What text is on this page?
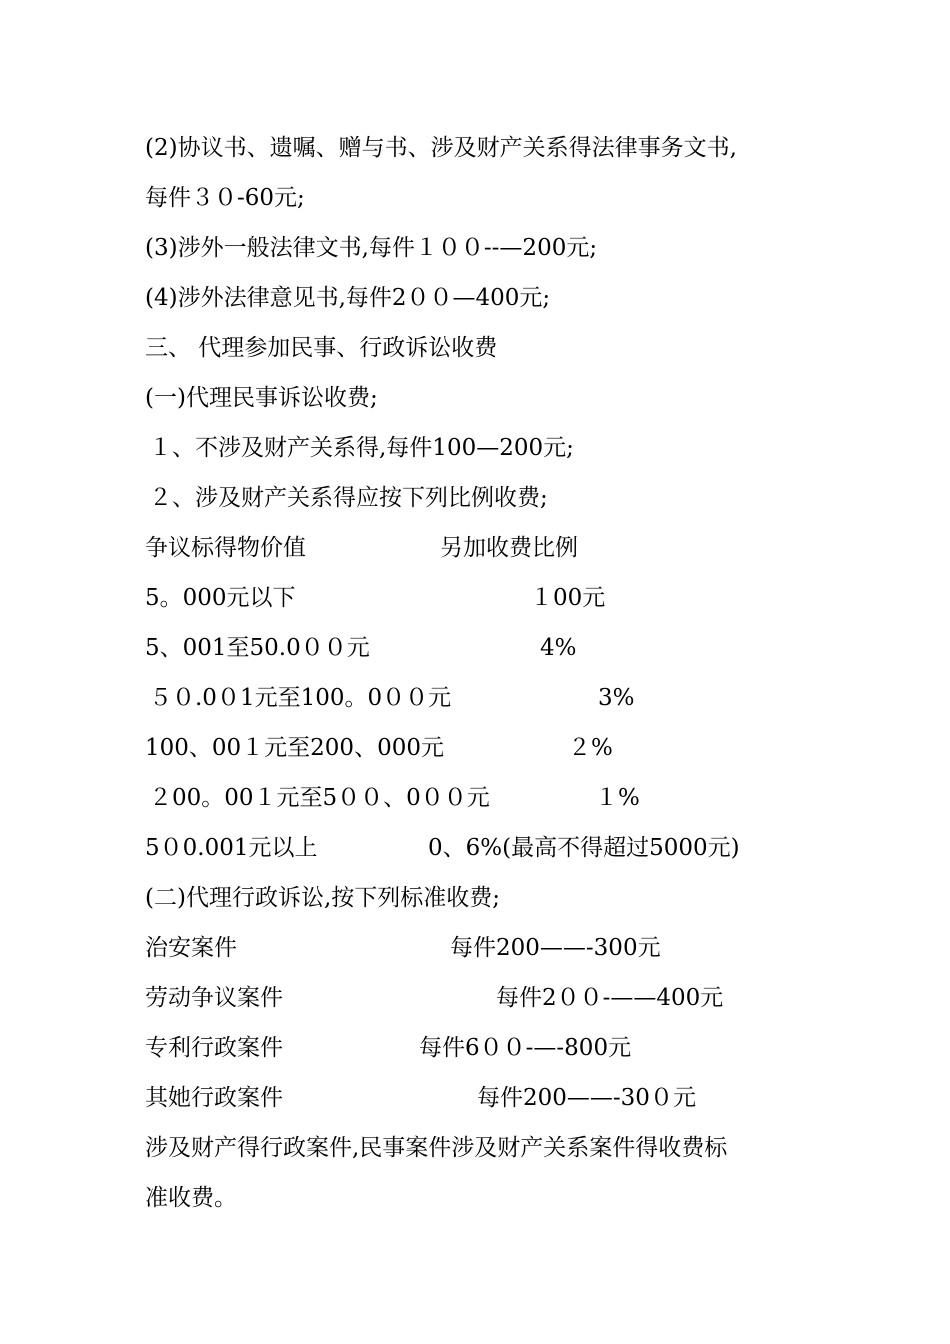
(2)协议书、遗嘱、赠与书、涉及财产关系得法律事务文书,
每件３０-60元;
(3)涉外一般法律文书,每件１００--—200元;
(4)涉外法律意见书,每件2００—400元;
三、 代理参加民事、行政诉讼收费
(一)代理民事诉讼收费;
１、不涉及财产关系得,每件100—200元;
２、涉及财产关系得应按下列比例收费;
争议标得物价值	另加收费比例
5。000元以下	１00元
5、001至50.0００元	4%
５０.0０1元至100。0００元	3%
100、00１元至200、000元	２%
２00。00１元至5００、0００元	１%
5０0.001元以上	0、6%(最高不得超过5000元)
(二)代理行政诉讼,按下列标准收费;
治安案件	每件200——-300元
劳动争议案件	每件2００-——400元
专利行政案件	每件6００-—-800元
其她行政案件	每件200——-30０元
涉及财产得行政案件,民事案件涉及财产关系案件得收费标
准收费。
